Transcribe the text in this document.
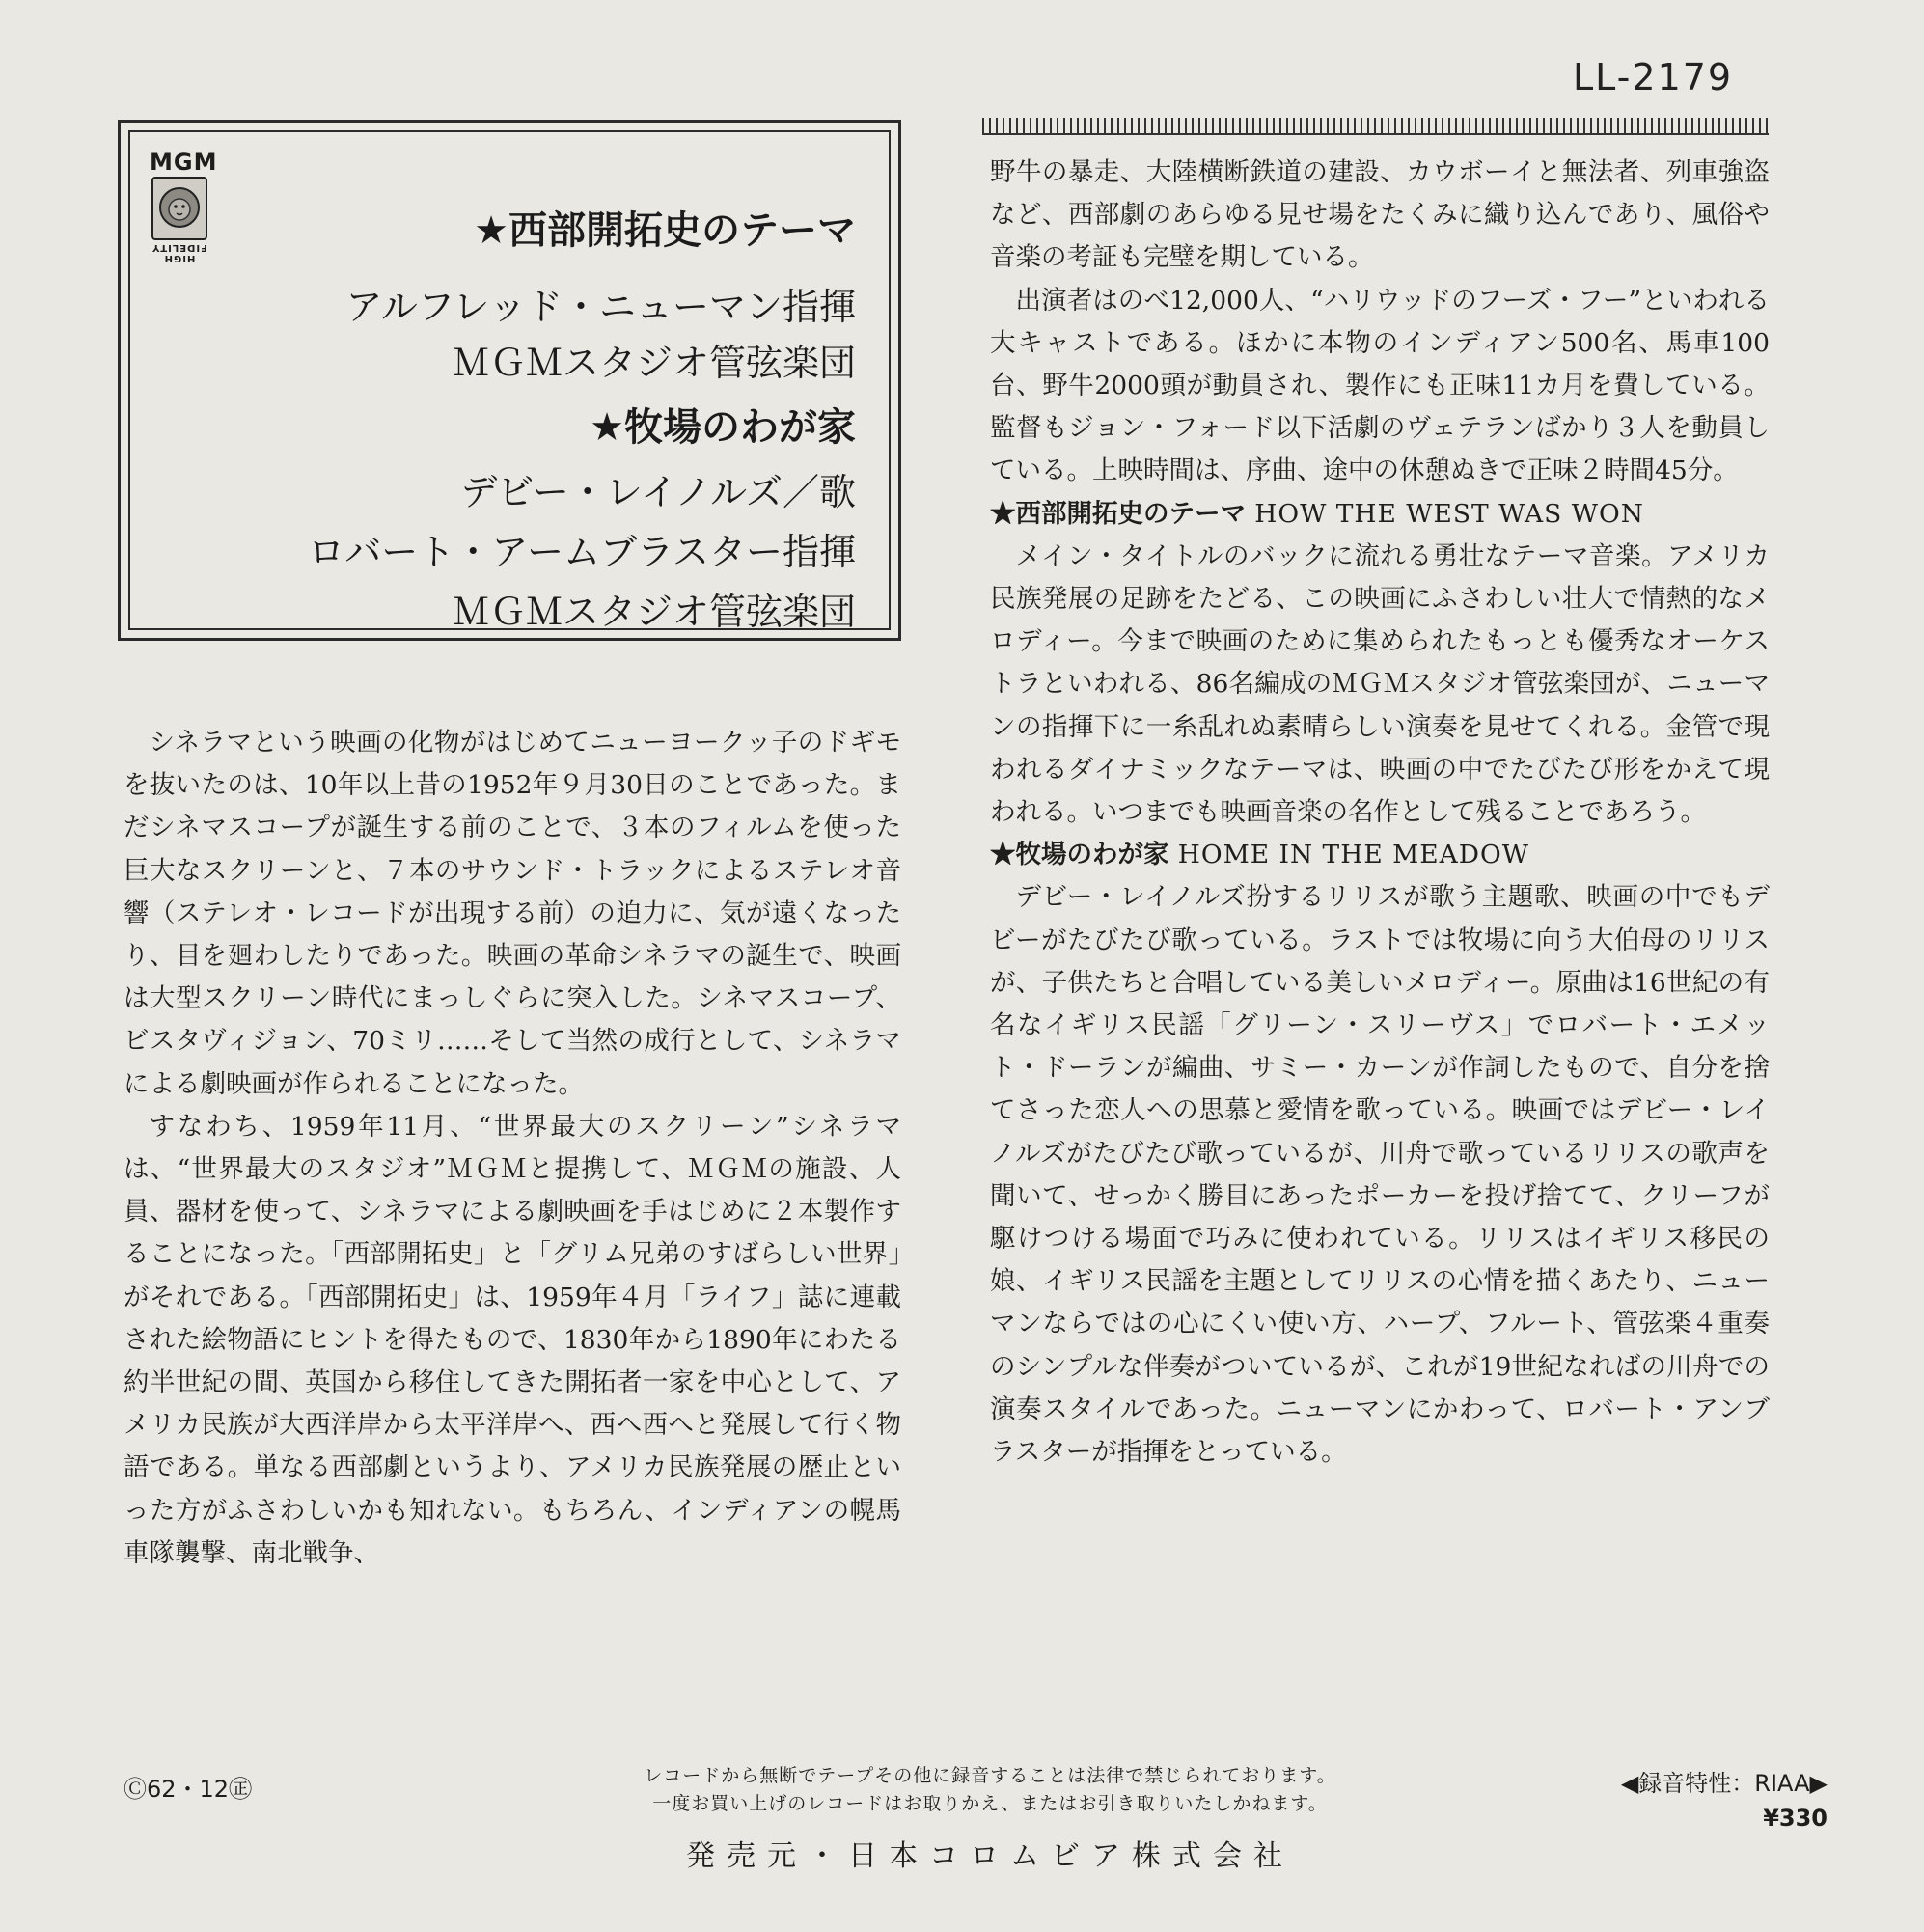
LL-2179
MGM
HIGH FIDELITY	★西部開拓史のテーマ
アルフレッド・ニューマン指揮
ＭＧＭスタジオ管弦楽団
★牧場のわが家
デビー・レイノルズ／歌
ロバート・アームブラスター指揮
ＭＧＭスタジオ管弦楽団

シネラマという映画の化物がはじめてニューヨークッ子のドギモを抜いたのは、10年以上昔の1952年９月30日のことであった。まだシネマスコープが誕生する前のことで、３本のフィルムを使った巨大なスクリーンと、７本のサウンド・トラックによるステレオ音響（ステレオ・レコードが出現する前）の迫力に、気が遠くなったり、目を廻わしたりであった。映画の革命シネラマの誕生で、映画は大型スクリーン時代にまっしぐらに突入した。シネマスコープ、ビスタヴィジョン、70ミリ……そして当然の成行として、シネラマによる劇映画が作られることになった。

すなわち、1959年11月、“世界最大のスクリーン”シネラマは、“世界最大のスタジオ”ＭＧＭと提携して、ＭＧＭの施設、人員、器材を使って、シネラマによる劇映画を手はじめに２本製作することになった。「西部開拓史」と「グリム兄弟のすばらしい世界」がそれである。「西部開拓史」は、1959年４月「ライフ」誌に連載された絵物語にヒントを得たもので、1830年から1890年にわたる約半世紀の間、英国から移住してきた開拓者一家を中心として、アメリカ民族が大西洋岸から太平洋岸へ、西へ西へと発展して行く物語である。単なる西部劇というより、アメリカ民族発展の歴止といった方がふさわしいかも知れない。もちろん、インディアンの幌馬車隊襲撃、南北戦争、

野牛の暴走、大陸横断鉄道の建設、カウボーイと無法者、列車強盗など、西部劇のあらゆる見せ場をたくみに織り込んであり、風俗や音楽の考証も完璧を期している。

出演者はのべ12,000人、“ハリウッドのフーズ・フー”といわれる大キャストである。ほかに本物のインディアン500名、馬車100台、野牛2000頭が動員され、製作にも正味11カ月を費している。監督もジョン・フォード以下活劇のヴェテランばかり３人を動員している。上映時間は、序曲、途中の休憩ぬきで正味２時間45分。

★西部開拓史のテーマ HOW THE WEST WAS WON

メイン・タイトルのバックに流れる勇壮なテーマ音楽。アメリカ民族発展の足跡をたどる、この映画にふさわしい壮大で情熱的なメロディー。今まで映画のために集められたもっとも優秀なオーケストラといわれる、86名編成のＭＧＭスタジオ管弦楽団が、ニューマンの指揮下に一糸乱れぬ素晴らしい演奏を見せてくれる。金管で現われるダイナミックなテーマは、映画の中でたびたび形をかえて現われる。いつまでも映画音楽の名作として残ることであろう。

★牧場のわが家 HOME IN THE MEADOW

デビー・レイノルズ扮するリリスが歌う主題歌、映画の中でもデビーがたびたび歌っている。ラストでは牧場に向う大伯母のリリスが、子供たちと合唱している美しいメロディー。原曲は16世紀の有名なイギリス民謡「グリーン・スリーヴス」でロバート・エメット・ドーランが編曲、サミー・カーンが作詞したもので、自分を捨てさった恋人への思慕と愛情を歌っている。映画ではデビー・レイノルズがたびたび歌っているが、川舟で歌っているリリスの歌声を聞いて、せっかく勝目にあったポーカーを投げ捨てて、クリーフが駆けつける場面で巧みに使われている。リリスはイギリス移民の娘、イギリス民謡を主題としてリリスの心情を描くあたり、ニューマンならではの心にくい使い方、ハープ、フルート、管弦楽４重奏のシンプルな伴奏がついているが、これが19世紀なればの川舟での演奏スタイルであった。ニューマンにかわって、ロバート・アンブラスターが指揮をとっている。

Ⓒ62・12㊣	レコードから無断でテープその他に録音することは法律で禁じられております。
一度お買い上げのレコードはお取りかえ、またはお引き取りいたしかねます。
発売元・日本コロムビア株式会社
◀録音特性：RIAA▶
¥330
